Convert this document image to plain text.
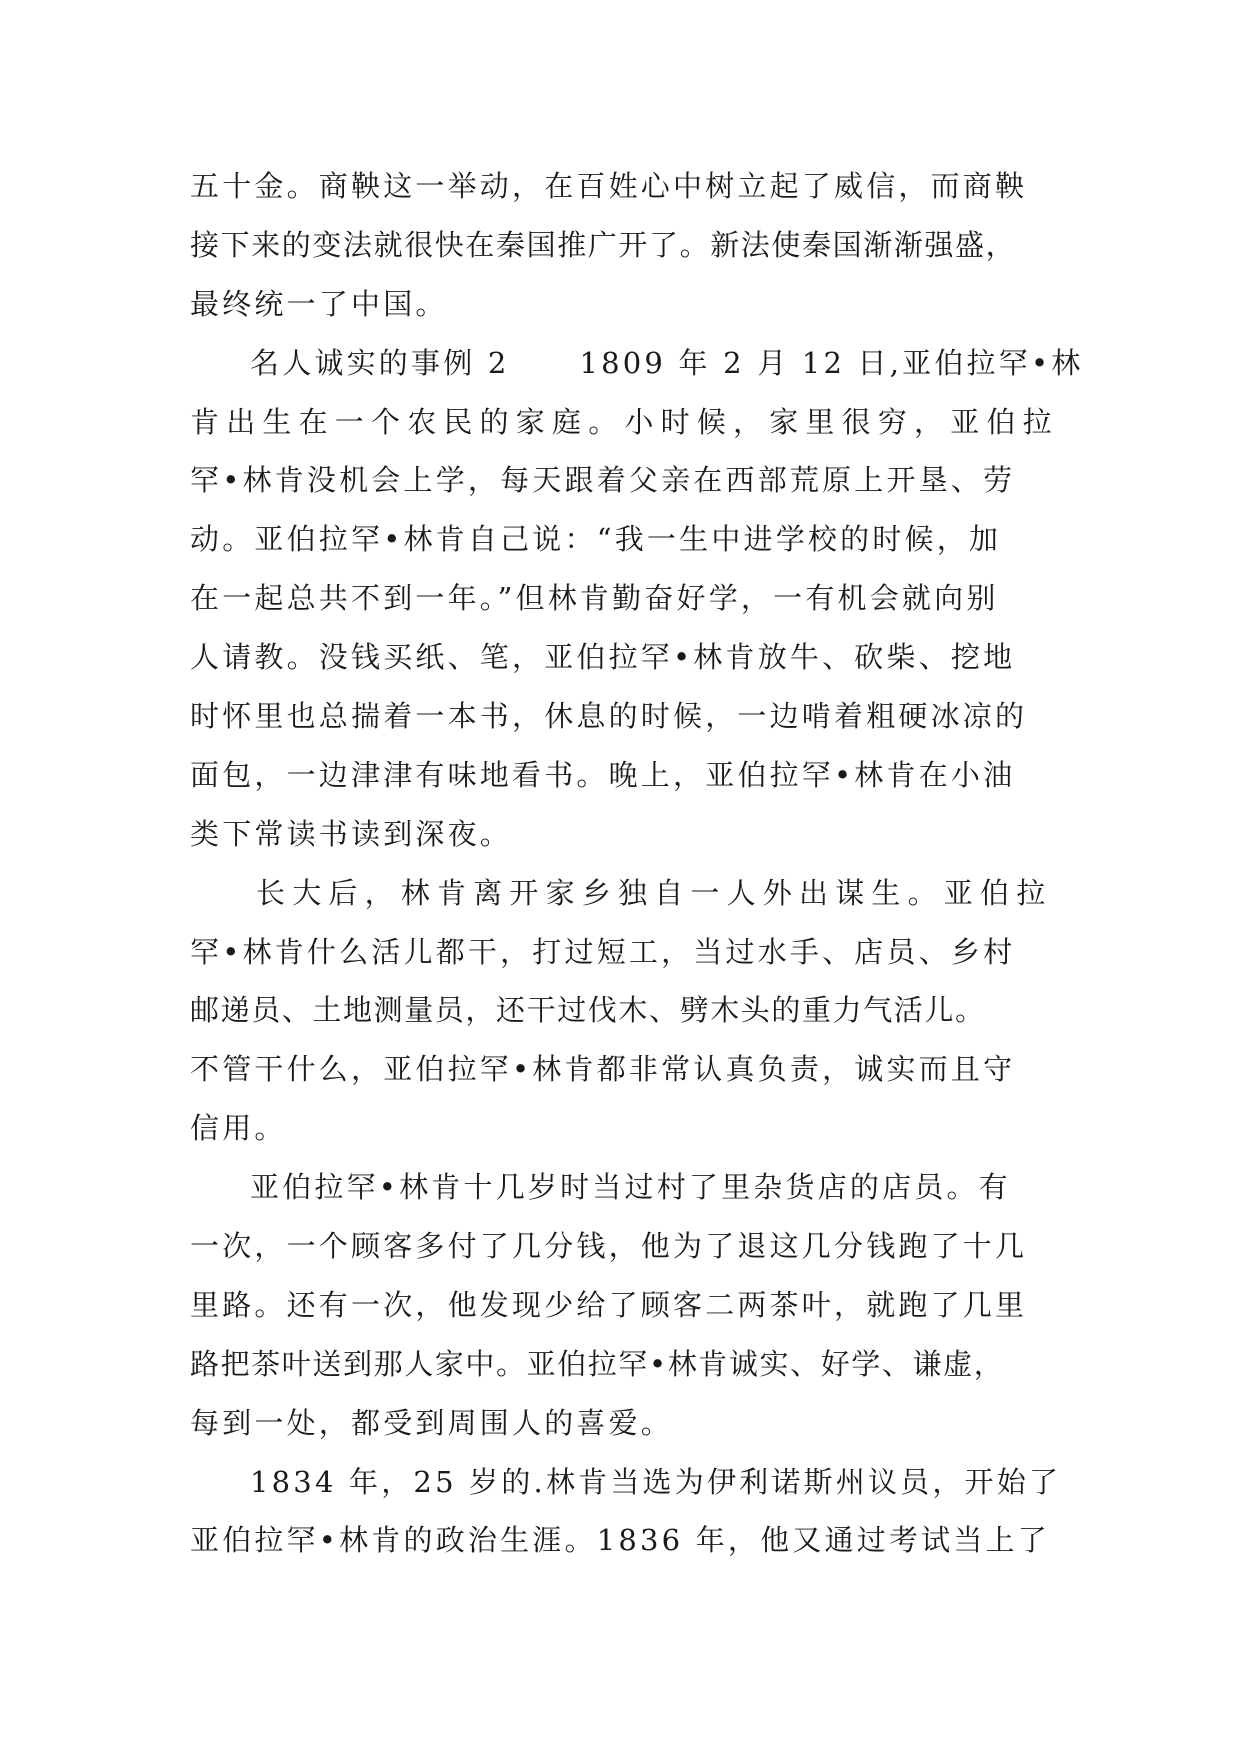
五十金。商鞅这一举动，在百姓心中树立起了威信，而商鞅
接下来的变法就很快在秦国推广开了。新法使秦国渐渐强盛，
最终统一了中国。
名人诚实的事例 2 1809 年 2 月 12 日,亚伯拉罕•林
肯出生在一个农民的家庭。小时候，家里很穷，亚伯拉
罕•林肯没机会上学，每天跟着父亲在西部荒原上开垦、劳
动。亚伯拉罕•林肯自己说：“我一生中进学校的时候，加
在一起总共不到一年。”但林肯勤奋好学，一有机会就向别
人请教。没钱买纸、笔，亚伯拉罕•林肯放牛、砍柴、挖地
时怀里也总揣着一本书，休息的时候，一边啃着粗硬冰凉的
面包，一边津津有味地看书。晚上，亚伯拉罕•林肯在小油
类下常读书读到深夜。
长大后，林肯离开家乡独自一人外出谋生。亚伯拉
罕•林肯什么活儿都干，打过短工，当过水手、店员、乡村
邮递员、土地测量员，还干过伐木、劈木头的重力气活儿。
不管干什么，亚伯拉罕•林肯都非常认真负责，诚实而且守
信用。
亚伯拉罕•林肯十几岁时当过村了里杂货店的店员。有
一次，一个顾客多付了几分钱，他为了退这几分钱跑了十几
里路。还有一次，他发现少给了顾客二两茶叶，就跑了几里
路把茶叶送到那人家中。亚伯拉罕•林肯诚实、好学、谦虚，
每到一处，都受到周围人的喜爱。
1834 年，25 岁的.林肯当选为伊利诺斯州议员，开始了
亚伯拉罕•林肯的政治生涯。1836 年，他又通过考试当上了
